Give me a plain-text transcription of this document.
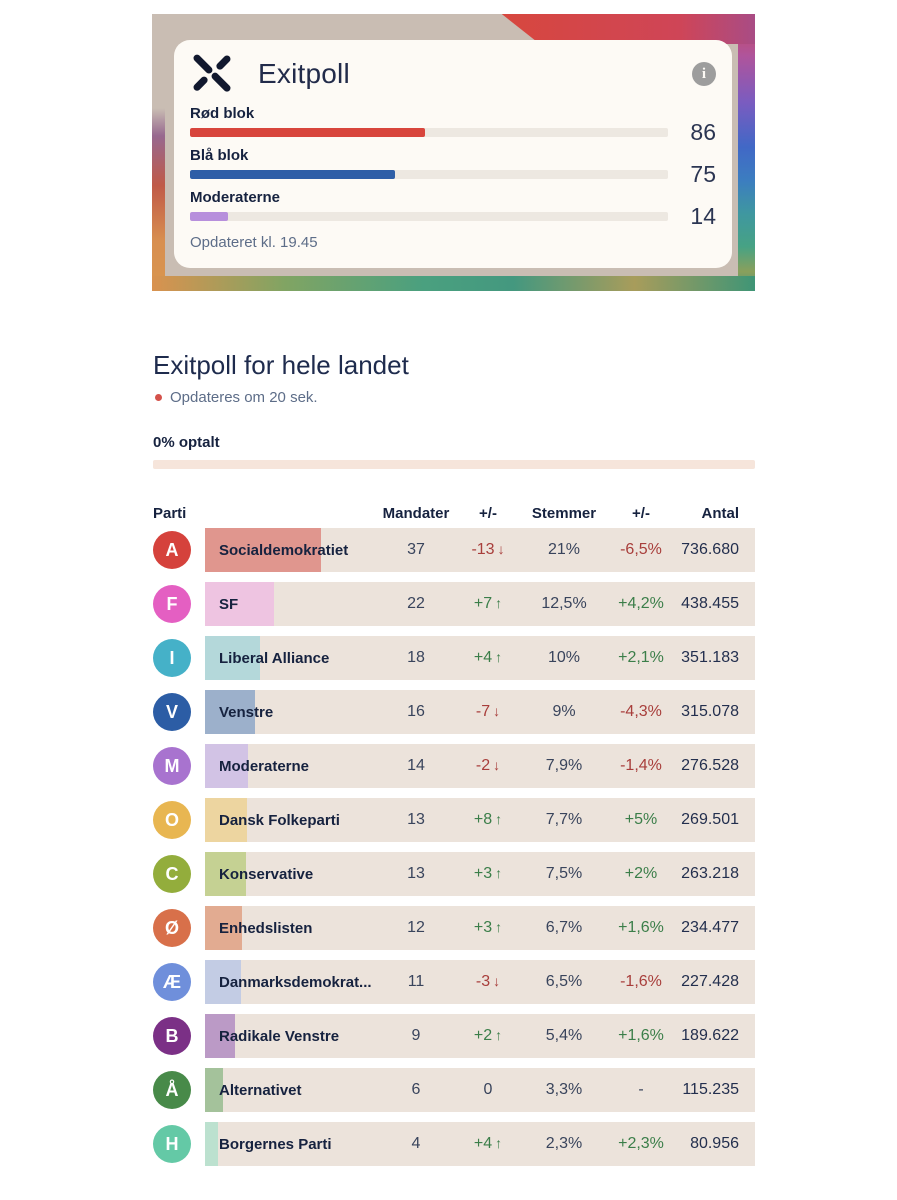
Exitpoll	i
Rød blok
86
Blå blok
75
Moderaterne
14
Opdateret kl. 19.45
Exitpoll for hele landet
Opdateres om 20 sek.
0% optalt
Parti	Mandater	+/-	Stemmer	+/-	Antal
A	Socialdemokratiet	37	-13 ↓	21%	-6,5%	736.680
F	SF	22	+7 ↑	12,5%	+4,2%	438.455
I	Liberal Alliance	18	+4 ↑	10%	+2,1%	351.183
V	Venstre	16	-7 ↓	9%	-4,3%	315.078
M	Moderaterne	14	-2 ↓	7,9%	-1,4%	276.528
O	Dansk Folkeparti	13	+8 ↑	7,7%	+5%	269.501
C	Konservative	13	+3 ↑	7,5%	+2%	263.218
Ø	Enhedslisten	12	+3 ↑	6,7%	+1,6%	234.477
Æ	Danmarksdemokrat...	11	-3 ↓	6,5%	-1,6%	227.428
B	Radikale Venstre	9	+2 ↑	5,4%	+1,6%	189.622
Å	Alternativet	6	0	3,3%	-	115.235
H	Borgernes Parti	4	+4 ↑	2,3%	+2,3%	80.956
